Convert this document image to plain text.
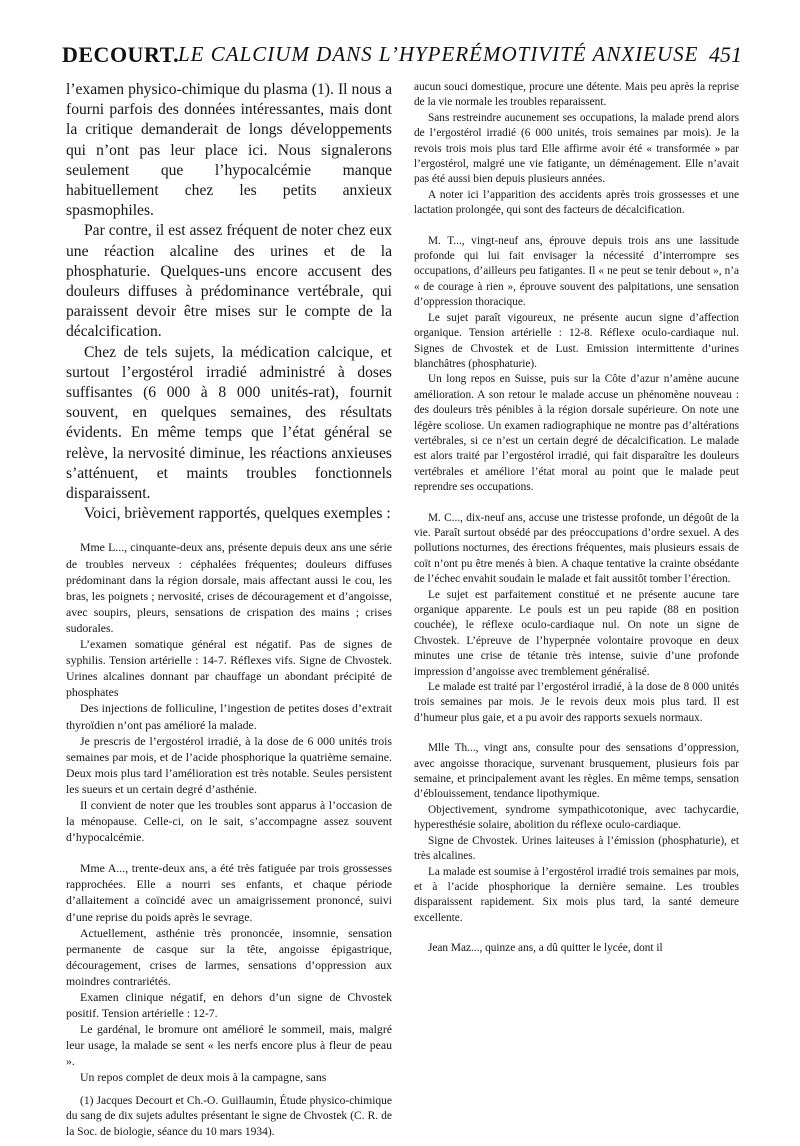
DECOURT.
LE CALCIUM DANS L’HYPERÉMOTIVITÉ ANXIEUSE 451

l’examen physico-chimique du plasma (1). Il nous a fourni parfois des données intéressantes, mais dont la critique demanderait de longs développements qui n’ont pas leur place ici. Nous signalerons seulement que l’hypocalcémie manque habituellement chez les petits anxieux spasmophiles.

Par contre, il est assez fréquent de noter chez eux une réaction alcaline des urines et de la phosphaturie. Quelques-uns encore accusent des douleurs diffuses à prédominance vertébrale, qui paraissent devoir être mises sur le compte de la décalcification.

Chez de tels sujets, la médication calcique, et surtout l’ergostérol irradié administré à doses suffisantes (6 000 à 8 000 unités-rat), fournit souvent, en quelques semaines, des résultats évidents. En même temps que l’état général se relève, la nervosité diminue, les réactions anxieuses s’atténuent, et maints troubles fonctionnels disparaissent.

Voici, brièvement rapportés, quelques exemples :

Mme L..., cinquante-deux ans, présente depuis deux ans une série de troubles nerveux : céphalées fréquentes; douleurs diffuses prédominant dans la région dorsale, mais affectant aussi le cou, les bras, les poignets ; nervosité, crises de découragement et d’angoisse, avec soupirs, pleurs, sensations de crispation des mains ; crises sudorales.

L’examen somatique général est négatif. Pas de signes de syphilis. Tension artérielle : 14-7. Réflexes vifs. Signe de Chvostek. Urines alcalines donnant par chauffage un abondant précipité de phosphates

Des injections de folliculine, l’ingestion de petites doses d’extrait thyroïdien n’ont pas amélioré la malade.

Je prescris de l’ergostérol irradié, à la dose de 6 000 unités trois semaines par mois, et de l’acide phosphorique la quatrième semaine. Deux mois plus tard l’amélioration est très notable. Seules persistent les sueurs et un certain degré d’asthénie.

Il convient de noter que les troubles sont apparus à l’occasion de la ménopause. Celle-ci, on le sait, s’accompagne assez souvent d’hypocalcémie.

Mme A..., trente-deux ans, a été très fatiguée par trois grossesses rapprochées. Elle a nourri ses enfants, et chaque période d’allaitement a coïncidé avec un amaigrissement prononcé, suivi d’une reprise du poids après le sevrage.

Actuellement, asthénie très prononcée, insomnie, sensation permanente de casque sur la tête, angoisse épigastrique, découragement, crises de larmes, sensations d’oppression aux moindres contrariétés.

Examen clinique négatif, en dehors d’un signe de Chvostek positif. Tension artérielle : 12-7.

Le gardénal, le bromure ont amélioré le sommeil, mais, malgré leur usage, la malade se sent « les nerfs encore plus à fleur de peau ».

Un repos complet de deux mois à la campagne, sans

(1) Jacques Decourt et Ch.-O. Guillaumin, Étude physico-chimique du sang de dix sujets adultes présentant le signe de Chvostek (C. R. de la Soc. de biologie, séance du 10 mars 1934).

aucun souci domestique, procure une détente. Mais peu après la reprise de la vie normale les troubles reparaissent.

Sans restreindre aucunement ses occupations, la malade prend alors de l’ergostérol irradié (6 000 unités, trois semaines par mois). Je la revois trois mois plus tard Elle affirme avoir été « transformée » par l’ergostérol, malgré une vie fatigante, un déménagement. Elle n’avait pas été aussi bien depuis plusieurs années.

A noter ici l’apparition des accidents après trois grossesses et une lactation prolongée, qui sont des facteurs de décalcification.

M. T..., vingt-neuf ans, éprouve depuis trois ans une lassitude profonde qui lui fait envisager la nécessité d’interrompre ses occupations, d’ailleurs peu fatigantes. Il « ne peut se tenir debout », n’a « de courage à rien », éprouve souvent des palpitations, une sensation d’oppression thoracique.

Le sujet paraît vigoureux, ne présente aucun signe d’affection organique. Tension artérielle : 12-8. Réflexe oculo-cardiaque nul. Signes de Chvostek et de Lust. Emission intermittente d’urines blanchâtres (phosphaturie).

Un long repos en Suisse, puis sur la Côte d’azur n’amène aucune amélioration. A son retour le malade accuse un phénomène nouveau : des douleurs très pénibles à la région dorsale supérieure. On note une légère scoliose. Un examen radiographique ne montre pas d’altérations vertébrales, si ce n’est un certain degré de décalcification. Le malade est alors traité par l’ergostérol irradié, qui fait disparaître les douleurs vertébrales et améliore l’état moral au point que le malade peut reprendre ses occupations.

M. C..., dix-neuf ans, accuse une tristesse profonde, un dégoût de la vie. Paraît surtout obsédé par des préoccupations d’ordre sexuel. A des pollutions nocturnes, des érections fréquentes, mais plusieurs essais de coït n’ont pu être menés à bien. A chaque tentative la crainte obsédante de l’échec envahit soudain le malade et fait aussitôt tomber l’érection.

Le sujet est parfaitement constitué et ne présente aucune tare organique apparente. Le pouls est un peu rapide (88 en position couchée), le réflexe oculo-cardiaque nul. On note un signe de Chvostek. L’épreuve de l’hyperpnée volontaire provoque en deux minutes une crise de tétanie très intense, suivie d’une profonde impression d’angoisse avec tremblement généralisé.

Le malade est traité par l’ergostérol irradié, à la dose de 8 000 unités trois semaines par mois. Je le revois deux mois plus tard. Il est d’humeur plus gaie, et a pu avoir des rapports sexuels normaux.

Mlle Th..., vingt ans, consulte pour des sensations d’oppression, avec angoisse thoracique, survenant brusquement, plusieurs fois par semaine, et principalement avant les règles. En même temps, sensation d’éblouissement, tendance lipothymique.

Objectivement, syndrome sympathicotonique, avec tachycardie, hyperesthésie solaire, abolition du réflexe oculo-cardiaque.

Signe de Chvostek. Urines laiteuses à l’émission (phosphaturie), et très alcalines.

La malade est soumise à l’ergostérol irradié trois semaines par mois, et à l’acide phosphorique la dernière semaine. Les troubles disparaissent rapidement. Six mois plus tard, la santé demeure excellente.

Jean Maz..., quinze ans, a dû quitter le lycée, dont il
